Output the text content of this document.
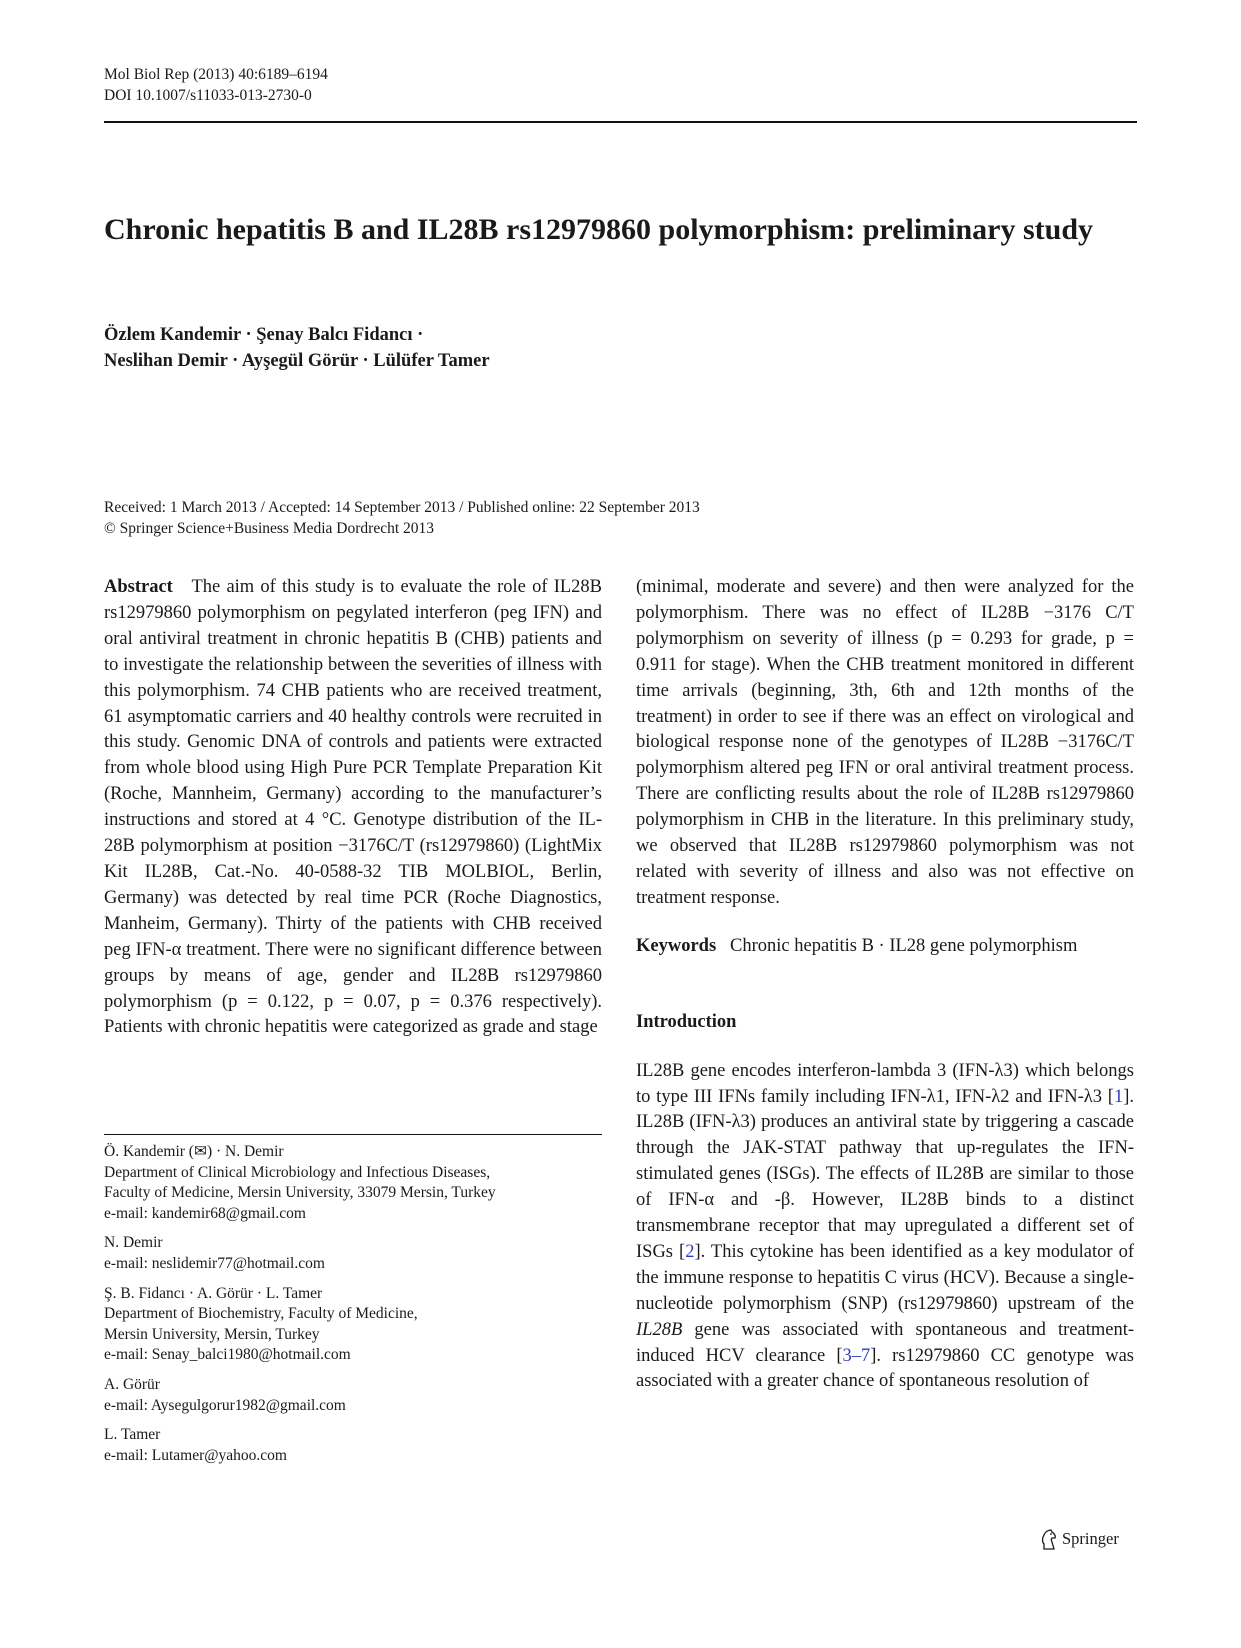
Mol Biol Rep (2013) 40:6189–6194
DOI 10.1007/s11033-013-2730-0
Chronic hepatitis B and IL28B rs12979860 polymorphism: preliminary study
Özlem Kandemir · Şenay Balcı Fidancı ·
Neslihan Demir · Ayşegül Görür · Lülüfer Tamer
Received: 1 March 2013 / Accepted: 14 September 2013 / Published online: 22 September 2013
© Springer Science+Business Media Dordrecht 2013

Abstract The aim of this study is to evaluate the role of IL28B rs12979860 polymorphism on pegylated interferon (peg IFN) and oral antiviral treatment in chronic hepatitis B (CHB) patients and to investigate the relationship between the severities of illness with this polymorphism. 74 CHB patients who are received treatment, 61 asymptomatic carriers and 40 healthy controls were recruited in this study. Genomic DNA of controls and patients were extracted from whole blood using High Pure PCR Template Preparation Kit (Roche, Mannheim, Germany) according to the manufacturer’s instructions and stored at 4 °C. Genotype distribution of the IL-28B polymorphism at position −3176C/T (rs12979860) (LightMix Kit IL28B, Cat.-No. 40-0588-32 TIB MOLBIOL, Berlin, Germany) was detected by real time PCR (Roche Diagnostics, Manheim, Germany). Thirty of the patients with CHB received peg IFN-α treatment. There were no significant difference between groups by means of age, gender and IL28B rs12979860 polymorphism (p = 0.122, p = 0.07, p = 0.376 respectively). Patients with chronic hepatitis were categorized as grade and stage

(minimal, moderate and severe) and then were analyzed for the polymorphism. There was no effect of IL28B −3176 C/T polymorphism on severity of illness (p = 0.293 for grade, p = 0.911 for stage). When the CHB treatment monitored in different time arrivals (beginning, 3th, 6th and 12th months of the treatment) in order to see if there was an effect on virological and biological response none of the genotypes of IL28B −3176C/T polymorphism altered peg IFN or oral antiviral treatment process. There are conflicting results about the role of IL28B rs12979860 polymorphism in CHB in the literature. In this preliminary study, we observed that IL28B rs12979860 polymorphism was not related with severity of illness and also was not effective on treatment response.

Keywords Chronic hepatitis B · IL28 gene polymorphism

Introduction

IL28B gene encodes interferon-lambda 3 (IFN-λ3) which belongs to type III IFNs family including IFN-λ1, IFN-λ2 and IFN-λ3 [1]. IL28B (IFN-λ3) produces an antiviral state by triggering a cascade through the JAK-STAT pathway that up-regulates the IFN-stimulated genes (ISGs). The effects of IL28B are similar to those of IFN-α and -β. However, IL28B binds to a distinct transmembrane receptor that may upregulated a different set of ISGs [2]. This cytokine has been identified as a key modulator of the immune response to hepatitis C virus (HCV). Because a single-nucleotide polymorphism (SNP) (rs12979860) upstream of the IL28B gene was associated with spontaneous and treatment-induced HCV clearance [3–7]. rs12979860 CC genotype was associated with a greater chance of spontaneous resolution of

Ö. Kandemir (✉) · N. Demir
Department of Clinical Microbiology and Infectious Diseases,
Faculty of Medicine, Mersin University, 33079 Mersin, Turkey
e-mail: kandemir68@gmail.com
N. Demir
e-mail: neslidemir77@hotmail.com
Ş. B. Fidancı · A. Görür · L. Tamer
Department of Biochemistry, Faculty of Medicine,
Mersin University, Mersin, Turkey
e-mail: Senay_balci1980@hotmail.com
A. Görür
e-mail: Aysegulgorur1982@gmail.com
L. Tamer
e-mail: Lutamer@yahoo.com
Springer
